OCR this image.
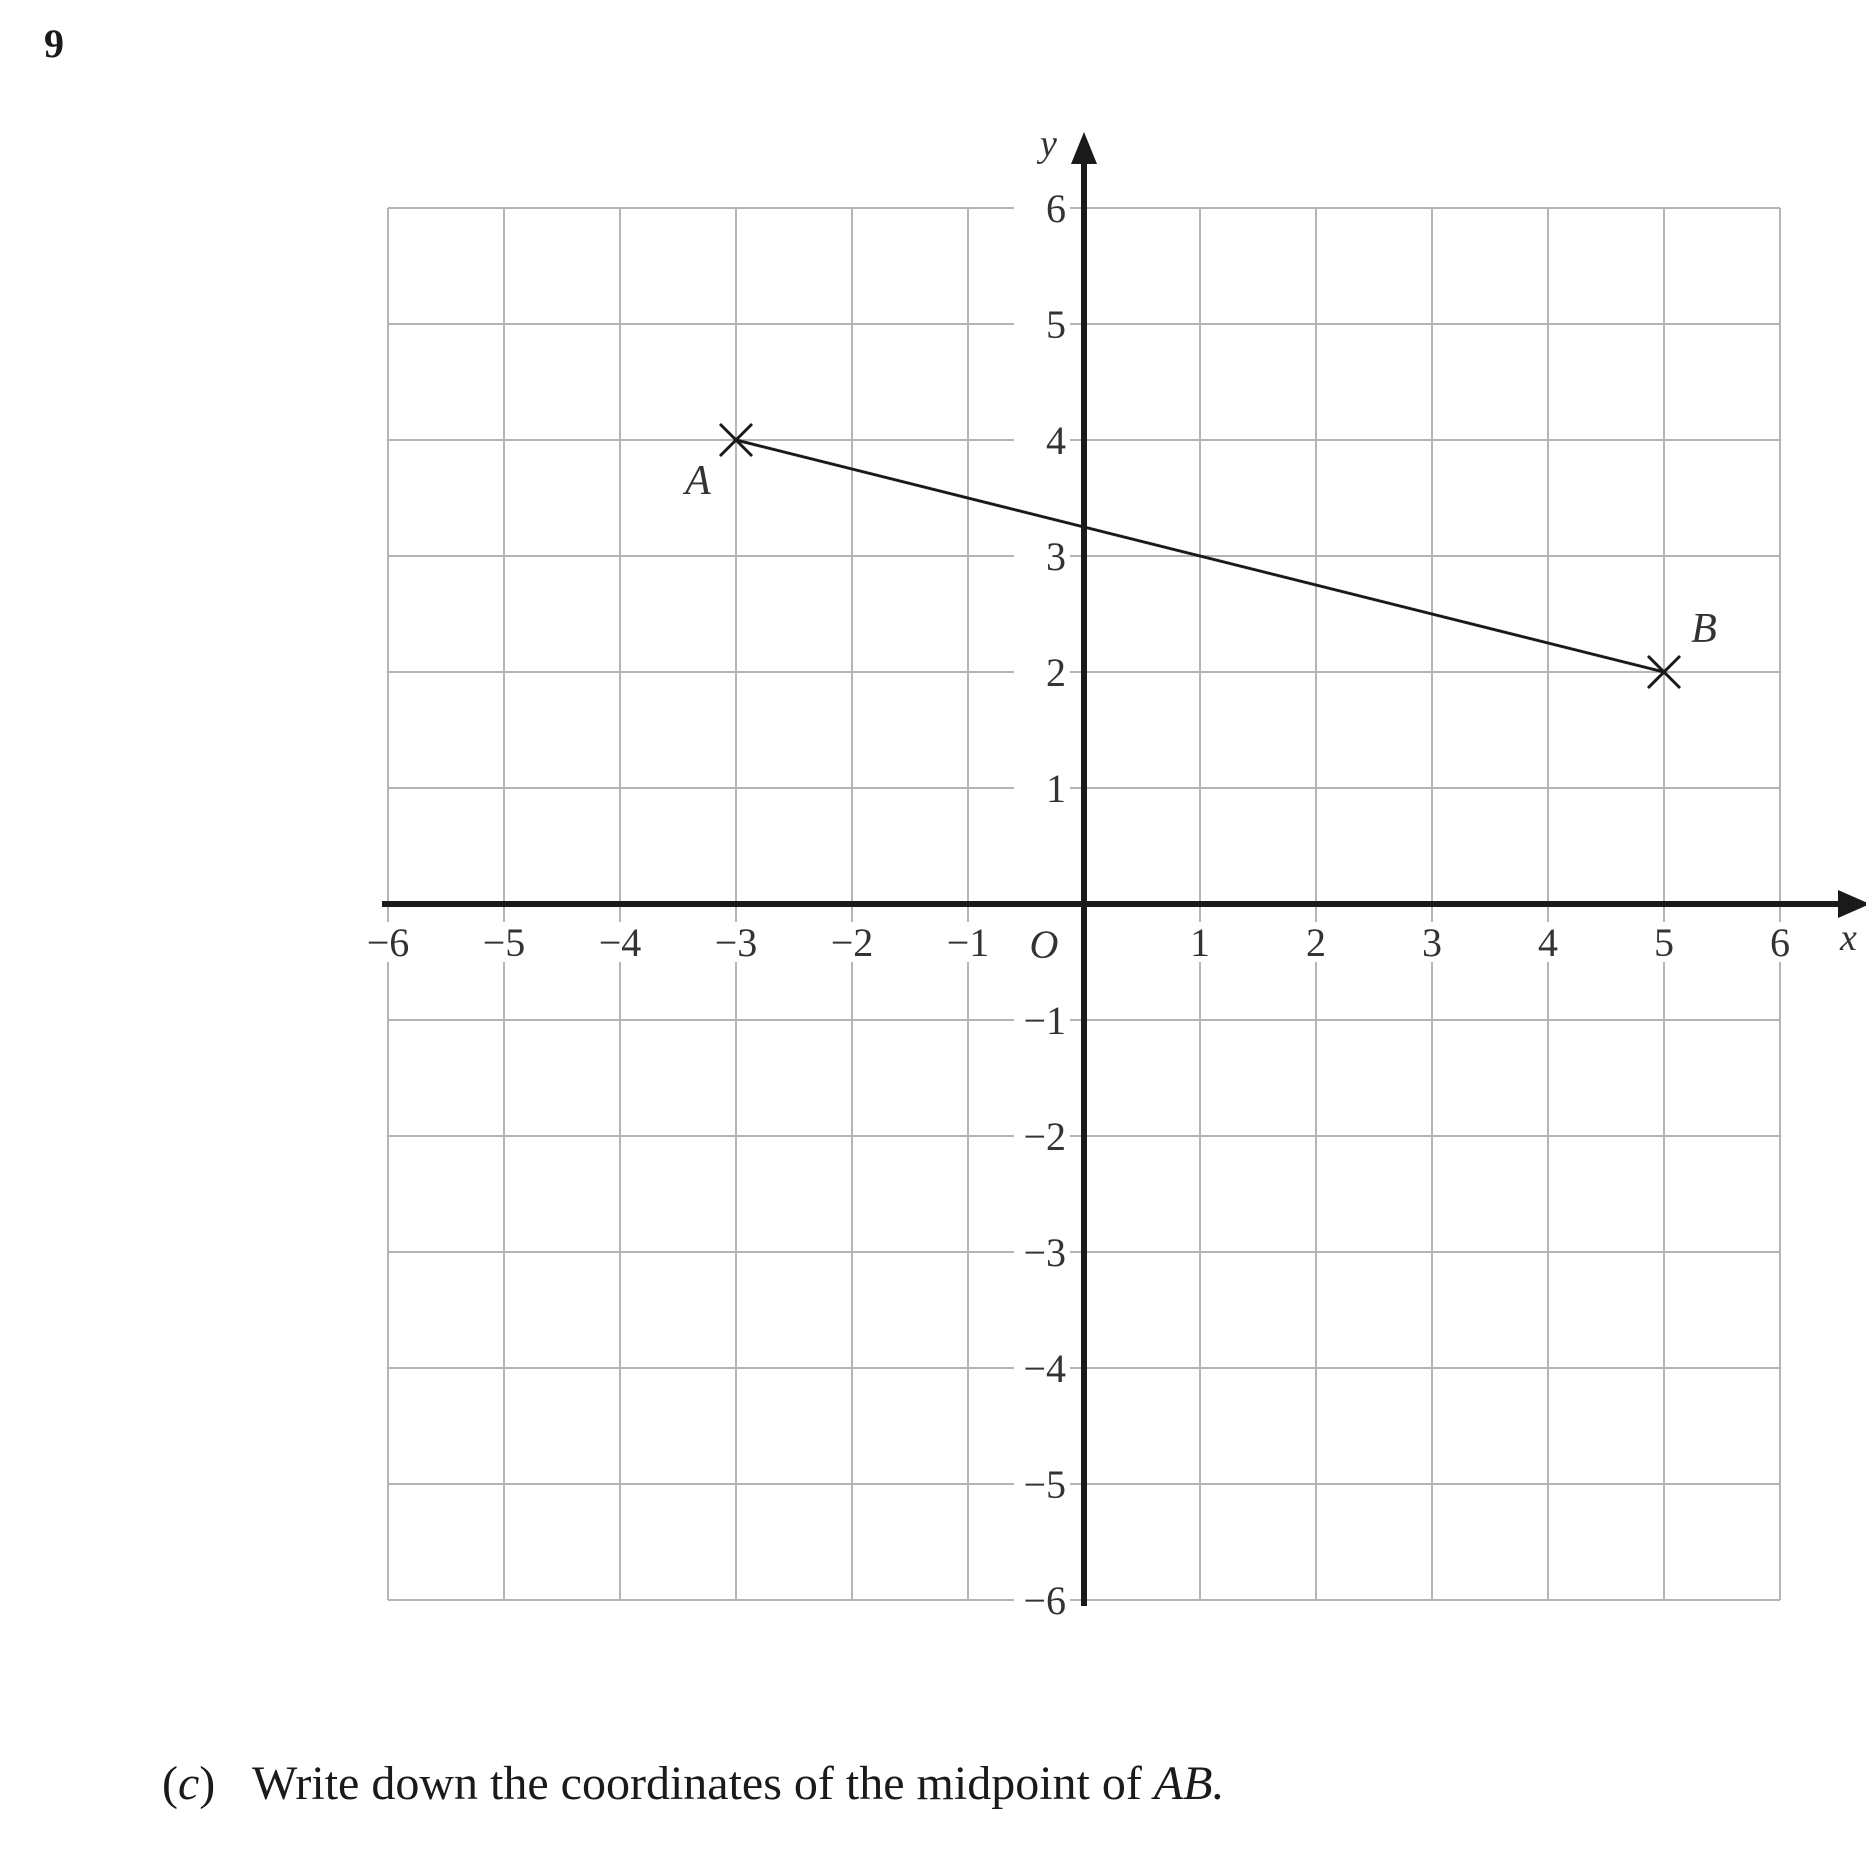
9
x
y
O
−6 −5 −4 −3 −2 −1	1 2 3 4 5 6
6
5
4
3
2
1
−1
−2
−3
−4
−5
−6
A
B
(c) Write down the coordinates of the midpoint of AB.
